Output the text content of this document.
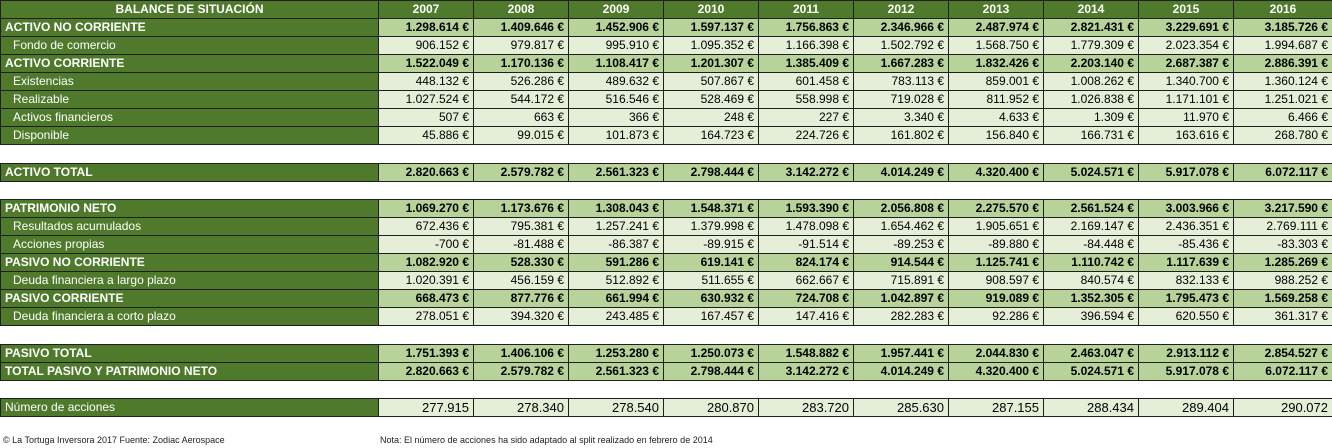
BALANCE DE SITUACIÓN	2007	2008	2009	2010	2011	2012	2013	2014	2015	2016
ACTIVO NO CORRIENTE	1.298.614 €	1.409.646 €	1.452.906 €	1.597.137 €	1.756.863 €	2.346.966 €	2.487.974 €	2.821.431 €	3.229.691 €	3.185.726 €
Fondo de comercio	906.152 €	979.817 €	995.910 €	1.095.352 €	1.166.398 €	1.502.792 €	1.568.750 €	1.779.309 €	2.023.354 €	1.994.687 €
ACTIVO CORRIENTE	1.522.049 €	1.170.136 €	1.108.417 €	1.201.307 €	1.385.409 €	1.667.283 €	1.832.426 €	2.203.140 €	2.687.387 €	2.886.391 €
Existencias	448.132 €	526.286 €	489.632 €	507.867 €	601.458 €	783.113 €	859.001 €	1.008.262 €	1.340.700 €	1.360.124 €
Realizable	1.027.524 €	544.172 €	516.546 €	528.469 €	558.998 €	719.028 €	811.952 €	1.026.838 €	1.171.101 €	1.251.021 €
Activos financieros	507 €	663 €	366 €	248 €	227 €	3.340 €	4.633 €	1.309 €	11.970 €	6.466 €
Disponible	45.886 €	99.015 €	101.873 €	164.723 €	224.726 €	161.802 €	156.840 €	166.731 €	163.616 €	268.780 €

ACTIVO TOTAL	2.820.663 €	2.579.782 €	2.561.323 €	2.798.444 €	3.142.272 €	4.014.249 €	4.320.400 €	5.024.571 €	5.917.078 €	6.072.117 €

PATRIMONIO NETO	1.069.270 €	1.173.676 €	1.308.043 €	1.548.371 €	1.593.390 €	2.056.808 €	2.275.570 €	2.561.524 €	3.003.966 €	3.217.590 €
Resultados acumulados	672.436 €	795.381 €	1.257.241 €	1.379.998 €	1.478.098 €	1.654.462 €	1.905.651 €	2.169.147 €	2.436.351 €	2.769.111 €
Acciones propias	-700 €	-81.488 €	-86.387 €	-89.915 €	-91.514 €	-89.253 €	-89.880 €	-84.448 €	-85.436 €	-83.303 €
PASIVO NO CORRIENTE	1.082.920 €	528.330 €	591.286 €	619.141 €	824.174 €	914.544 €	1.125.741 €	1.110.742 €	1.117.639 €	1.285.269 €
Deuda financiera a largo plazo	1.020.391 €	456.159 €	512.892 €	511.655 €	662.667 €	715.891 €	908.597 €	840.574 €	832.133 €	988.252 €
PASIVO CORRIENTE	668.473 €	877.776 €	661.994 €	630.932 €	724.708 €	1.042.897 €	919.089 €	1.352.305 €	1.795.473 €	1.569.258 €
Deuda financiera a corto plazo	278.051 €	394.320 €	243.485 €	167.457 €	147.416 €	282.283 €	92.286 €	396.594 €	620.550 €	361.317 €

PASIVO TOTAL	1.751.393 €	1.406.106 €	1.253.280 €	1.250.073 €	1.548.882 €	1.957.441 €	2.044.830 €	2.463.047 €	2.913.112 €	2.854.527 €
TOTAL PASIVO Y PATRIMONIO NETO	2.820.663 €	2.579.782 €	2.561.323 €	2.798.444 €	3.142.272 €	4.014.249 €	4.320.400 €	5.024.571 €	5.917.078 €	6.072.117 €

Número de acciones	277.915	278.340	278.540	280.870	283.720	285.630	287.155	288.434	289.404	290.072
© La Tortuga Inversora 2017 Fuente: Zodiac Aerospace	Nota: El número de acciones ha sido adaptado al split realizado en febrero de 2014
